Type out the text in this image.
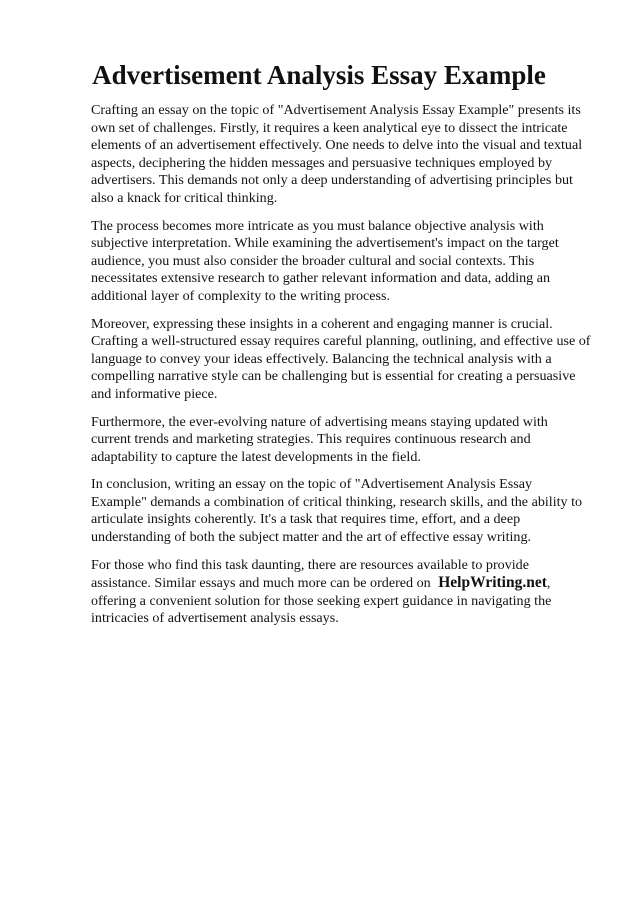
Advertisement Analysis Essay Example

Crafting an essay on the topic of "Advertisement Analysis Essay Example" presents its own set of challenges. Firstly, it requires a keen analytical eye to dissect the intricate elements of an advertisement effectively. One needs to delve into the visual and textual aspects, deciphering the hidden messages and persuasive techniques employed by advertisers. This demands not only a deep understanding of advertising principles but also a knack for critical thinking.

The process becomes more intricate as you must balance objective analysis with subjective interpretation. While examining the advertisement's impact on the target audience, you must also consider the broader cultural and social contexts. This necessitates extensive research to gather relevant information and data, adding an additional layer of complexity to the writing process.

Moreover, expressing these insights in a coherent and engaging manner is crucial. Crafting a well-structured essay requires careful planning, outlining, and effective use of language to convey your ideas effectively. Balancing the technical analysis with a compelling narrative style can be challenging but is essential for creating a persuasive and informative piece.

Furthermore, the ever-evolving nature of advertising means staying updated with current trends and marketing strategies. This requires continuous research and adaptability to capture the latest developments in the field.

In conclusion, writing an essay on the topic of "Advertisement Analysis Essay Example" demands a combination of critical thinking, research skills, and the ability to articulate insights coherently. It's a task that requires time, effort, and a deep understanding of both the subject matter and the art of effective essay writing.

For those who find this task daunting, there are resources available to provide assistance. Similar essays and much more can be ordered on HelpWriting.net, offering a convenient solution for those seeking expert guidance in navigating the intricacies of advertisement analysis essays.
